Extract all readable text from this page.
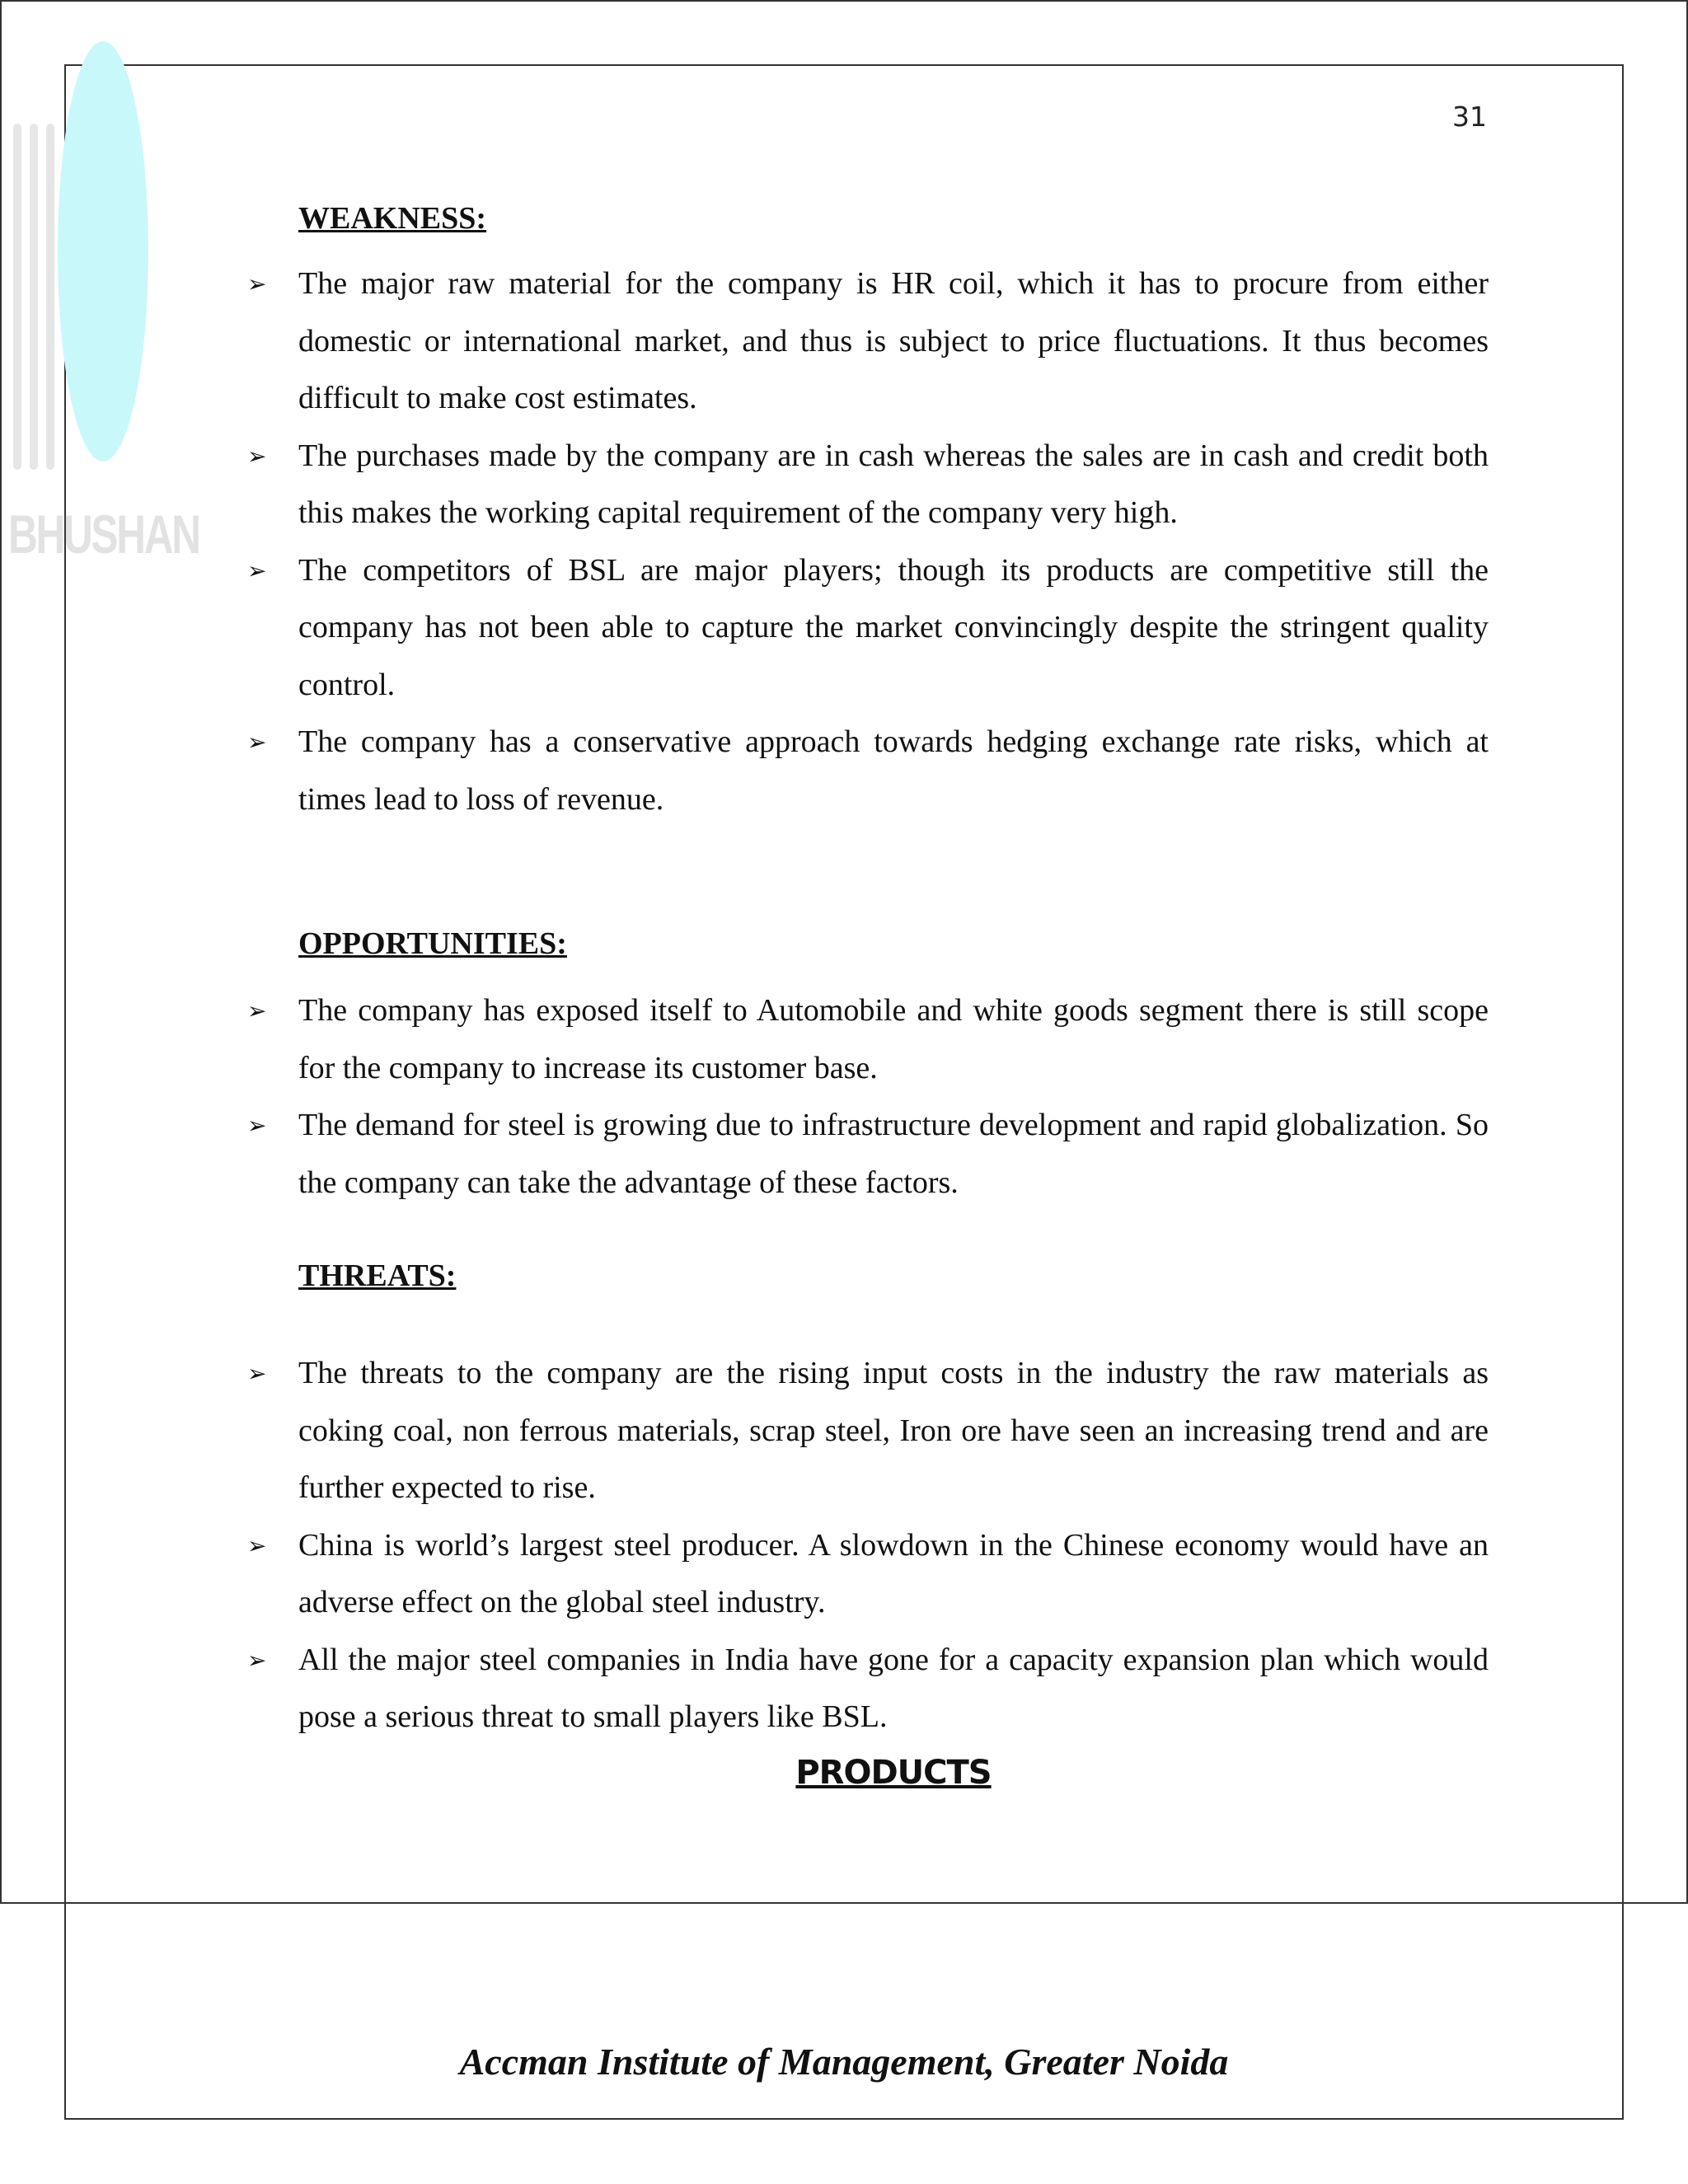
BHUSHAN
31
WEAKNESS:
➢ The major raw material for the company is HR coil, which it has to procure from either domestic or international market, and thus is subject to price fluctuations. It thus becomes difficult to make cost estimates.
➢ The purchases made by the company are in cash whereas the sales are in cash and credit both this makes the working capital requirement of the company very high.
➢ The competitors of BSL are major players; though its products are competitive still the company has not been able to capture the market convincingly despite the stringent quality control.
➢ The company has a conservative approach towards hedging exchange rate risks, which at times lead to loss of revenue.
OPPORTUNITIES:
➢ The company has exposed itself to Automobile and white goods segment there is still scope for the company to increase its customer base.
➢ The demand for steel is growing due to infrastructure development and rapid globalization. So the company can take the advantage of these factors.
THREATS:
➢ The threats to the company are the rising input costs in the industry the raw materials as coking coal, non ferrous materials, scrap steel, Iron ore have seen an increasing trend and are further expected to rise.
➢ China is world’s largest steel producer. A slowdown in the Chinese economy would have an adverse effect on the global steel industry.
➢ All the major steel companies in India have gone for a capacity expansion plan which would pose a serious threat to small players like BSL.
PRODUCTS
Accman Institute of Management, Greater Noida
